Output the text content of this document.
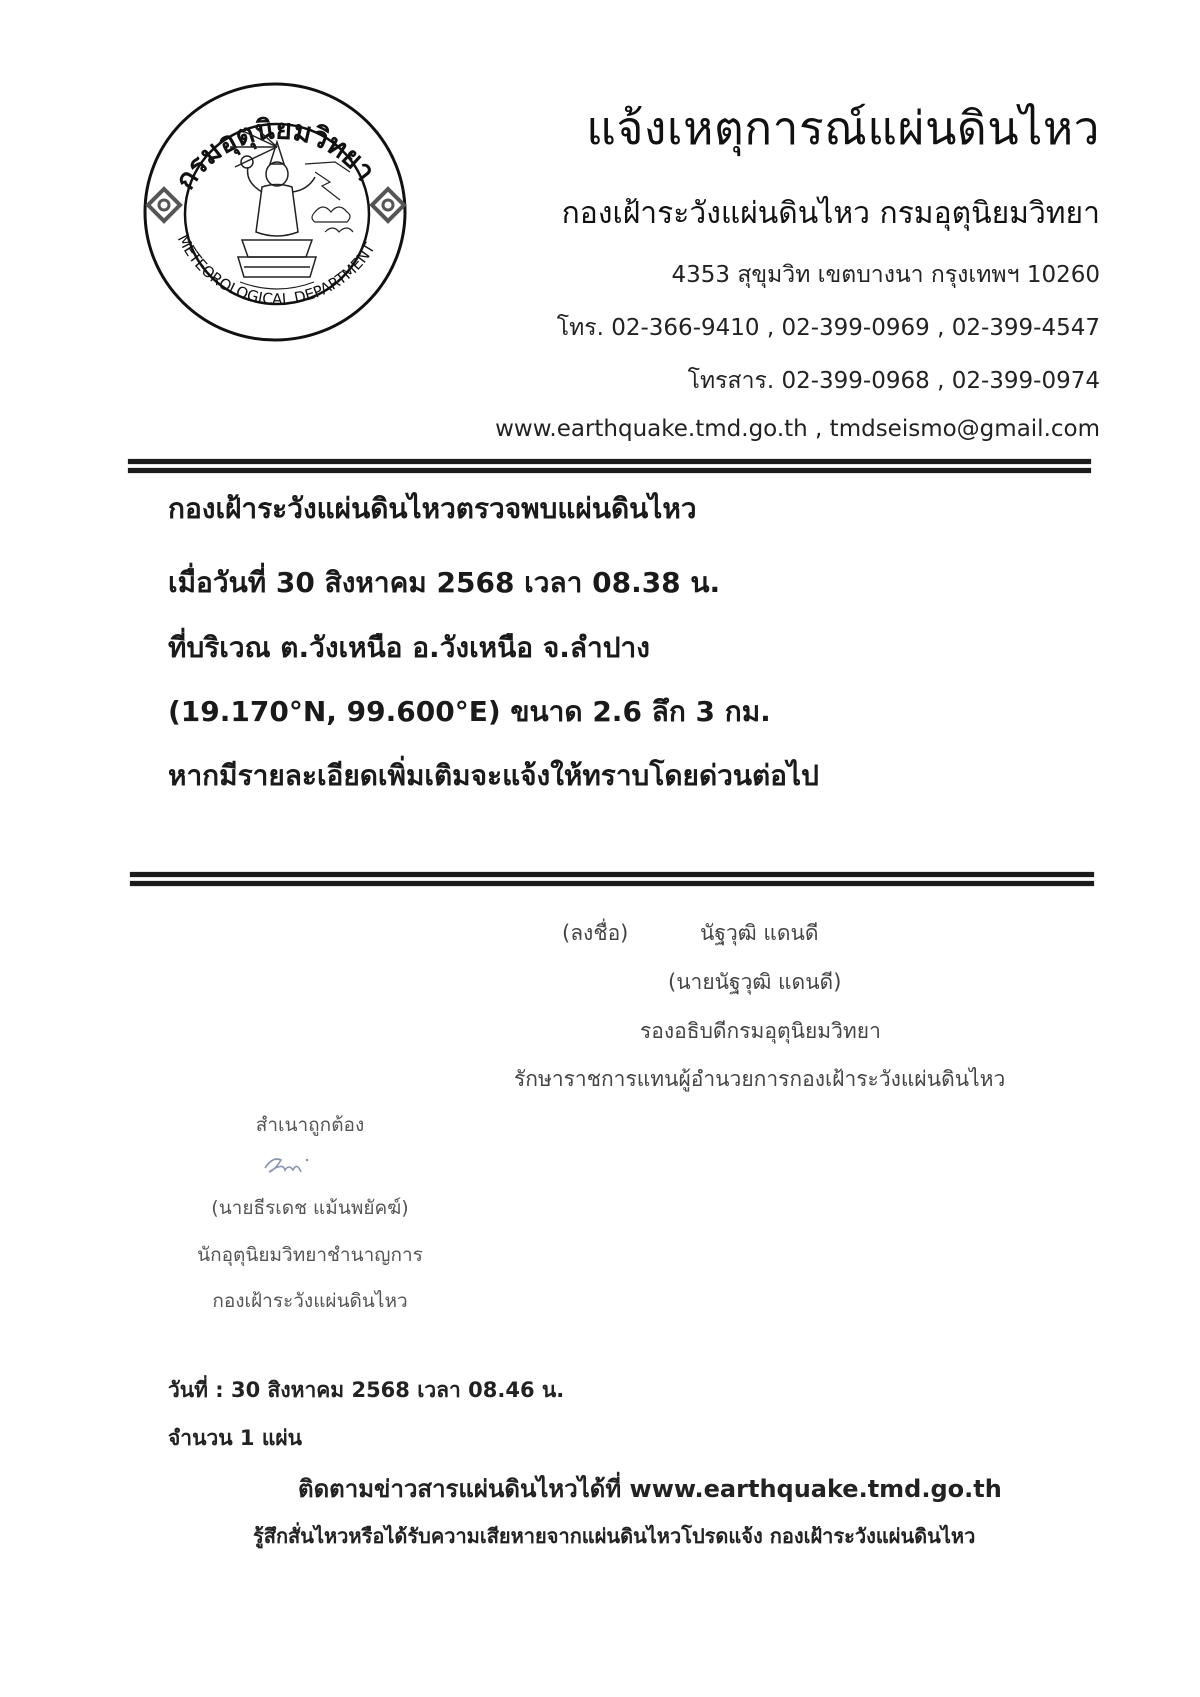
กรมอุตุนิยมวิทยา
METEOROLOGICAL DEPARTMENT
แจ้งเหตุการณ์แผ่นดินไหว
กองเฝ้าระวังแผ่นดินไหว กรมอุตุนิยมวิทยา
4353 สุขุมวิท เขตบางนา กรุงเทพฯ 10260
โทร. 02-366-9410 , 02-399-0969 , 02-399-4547
โทรสาร. 02-399-0968 , 02-399-0974
www.earthquake.tmd.go.th , tmdseismo@gmail.com
กองเฝ้าระวังแผ่นดินไหวตรวจพบแผ่นดินไหว
เมื่อวันที่ 30 สิงหาคม 2568 เวลา 08.38 น.
ที่บริเวณ ต.วังเหนือ อ.วังเหนือ จ.ลำปาง
(19.170°N, 99.600°E) ขนาด 2.6 ลึก 3 กม.
หากมีรายละเอียดเพิ่มเติมจะแจ้งให้ทราบโดยด่วนต่อไป
(ลงชื่อ)	นัฐวุฒิ แดนดี
(นายนัฐวุฒิ แดนดี)
รองอธิบดีกรมอุตุนิยมวิทยา
รักษาราชการแทนผู้อำนวยการกองเฝ้าระวังแผ่นดินไหว
สำเนาถูกต้อง
(นายธีรเดช แม้นพยัคฆ์)
นักอุตุนิยมวิทยาชำนาญการ
กองเฝ้าระวังแผ่นดินไหว
วันที่ : 30 สิงหาคม 2568 เวลา 08.46 น.
จำนวน 1 แผ่น
ติดตามข่าวสารแผ่นดินไหวได้ที่ www.earthquake.tmd.go.th
รู้สึกสั่นไหวหรือได้รับความเสียหายจากแผ่นดินไหวโปรดแจ้ง กองเฝ้าระวังแผ่นดินไหว
